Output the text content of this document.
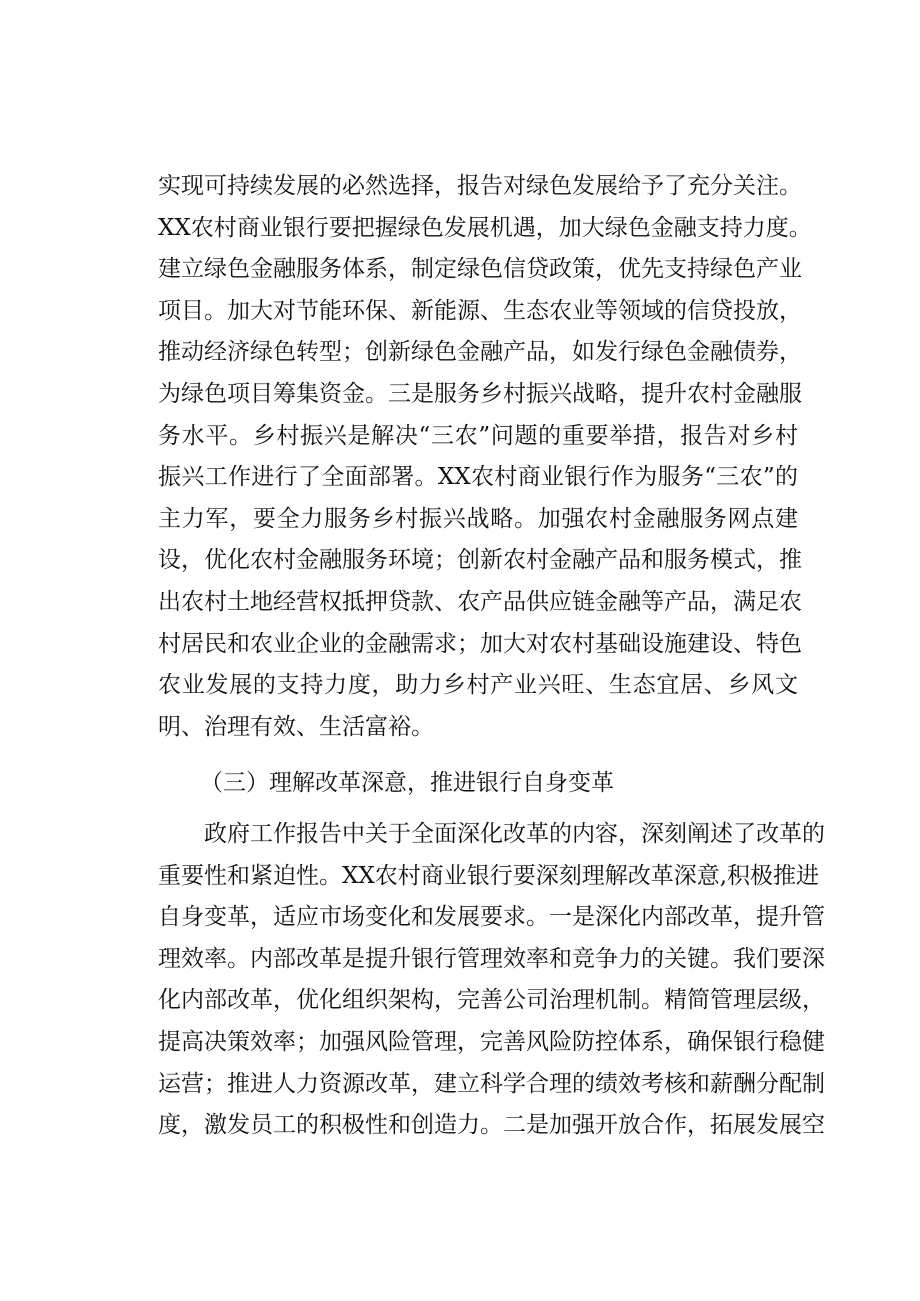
实现可持续发展的必然选择，报告对绿色发展给予了充分关注。
XX农村商业银行要把握绿色发展机遇，加大绿色金融支持力度。
建立绿色金融服务体系，制定绿色信贷政策，优先支持绿色产业
项目。加大对节能环保、新能源、生态农业等领域的信贷投放，
推动经济绿色转型；创新绿色金融产品，如发行绿色金融债券，
为绿色项目筹集资金。三是服务乡村振兴战略，提升农村金融服
务水平。乡村振兴是解决“三农”问题的重要举措，报告对乡村
振兴工作进行了全面部署。XX农村商业银行作为服务“三农”的
主力军，要全力服务乡村振兴战略。加强农村金融服务网点建
设，优化农村金融服务环境；创新农村金融产品和服务模式，推
出农村土地经营权抵押贷款、农产品供应链金融等产品，满足农
村居民和农业企业的金融需求；加大对农村基础设施建设、特色
农业发展的支持力度，助力乡村产业兴旺、生态宜居、乡风文
明、治理有效、生活富裕。
（三）理解改革深意，推进银行自身变革
政府工作报告中关于全面深化改革的内容，深刻阐述了改革的
重要性和紧迫性。XX农村商业银行要深刻理解改革深意,积极推进
自身变革，适应市场变化和发展要求。一是深化内部改革，提升管
理效率。内部改革是提升银行管理效率和竞争力的关键。我们要深
化内部改革，优化组织架构，完善公司治理机制。精简管理层级，
提高决策效率；加强风险管理，完善风险防控体系，确保银行稳健
运营；推进人力资源改革，建立科学合理的绩效考核和薪酬分配制
度，激发员工的积极性和创造力。二是加强开放合作，拓展发展空
